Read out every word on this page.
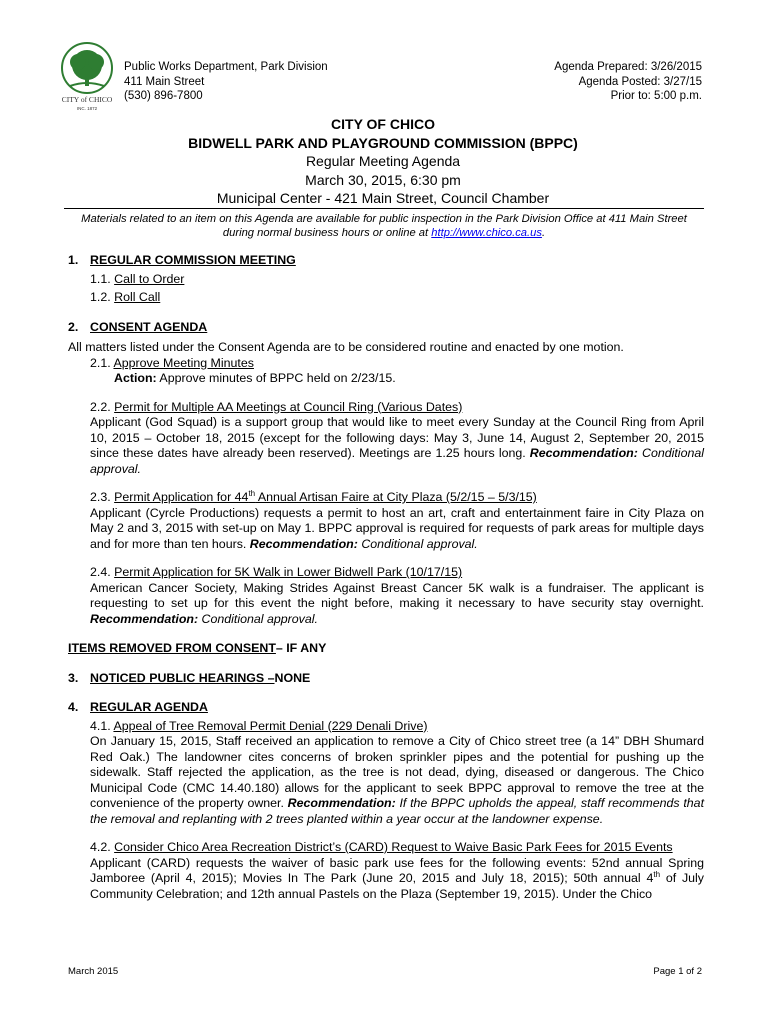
CITY of CHICO
INC. 1872
Public Works Department, Park Division
411 Main Street
(530) 896-7800
Agenda Prepared: 3/26/2015
Agenda Posted: 3/27/15
Prior to: 5:00 p.m.
CITY OF CHICO
BIDWELL PARK AND PLAYGROUND COMMISSION (BPPC)
Regular Meeting Agenda
March 30, 2015, 6:30 pm
Municipal Center - 421 Main Street, Council Chamber
Materials related to an item on this Agenda are available for public inspection in the Park Division Office at 411 Main Street
during normal business hours or online at http://www.chico.ca.us.
1. REGULAR COMMISSION MEETING
1.1. Call to Order
1.2. Roll Call
2. CONSENT AGENDA
All matters listed under the Consent Agenda are to be considered routine and enacted by one motion.
2.1. Approve Meeting Minutes
Action: Approve minutes of BPPC held on 2/23/15.
2.2. Permit for Multiple AA Meetings at Council Ring (Various Dates)
Applicant (God Squad) is a support group that would like to meet every Sunday at the Council Ring from April 10, 2015 – October 18, 2015 (except for the following days: May 3, June 14, August 2, September 20, 2015 since these dates have already been reserved). Meetings are 1.25 hours long. Recommendation: Conditional approval.
2.3. Permit Application for 44th Annual Artisan Faire at City Plaza (5/2/15 – 5/3/15)
Applicant (Cyrcle Productions) requests a permit to host an art, craft and entertainment faire in City Plaza on May 2 and 3, 2015 with set-up on May 1. BPPC approval is required for requests of park areas for multiple days and for more than ten hours. Recommendation: Conditional approval.
2.4. Permit Application for 5K Walk in Lower Bidwell Park (10/17/15)
American Cancer Society, Making Strides Against Breast Cancer 5K walk is a fundraiser. The applicant is requesting to set up for this event the night before, making it necessary to have security stay overnight. Recommendation: Conditional approval.
ITEMS REMOVED FROM CONSENT – IF ANY
3. NOTICED PUBLIC HEARINGS – NONE
4. REGULAR AGENDA
4.1. Appeal of Tree Removal Permit Denial (229 Denali Drive)
On January 15, 2015, Staff received an application to remove a City of Chico street tree (a 14” DBH Shumard Red Oak.) The landowner cites concerns of broken sprinkler pipes and the potential for pushing up the sidewalk. Staff rejected the application, as the tree is not dead, dying, diseased or dangerous. The Chico Municipal Code (CMC 14.40.180) allows for the applicant to seek BPPC approval to remove the tree at the convenience of the property owner. Recommendation: If the BPPC upholds the appeal, staff recommends that the removal and replanting with 2 trees planted within a year occur at the landowner expense.
4.2. Consider Chico Area Recreation District’s (CARD) Request to Waive Basic Park Fees for 2015 Events
Applicant (CARD) requests the waiver of basic park use fees for the following events: 52nd annual Spring Jamboree (April 4, 2015); Movies In The Park (June 20, 2015 and July 18, 2015); 50th annual 4th of July Community Celebration; and 12th annual Pastels on the Plaza (September 19, 2015). Under the Chico
March 2015	Page 1 of 2
